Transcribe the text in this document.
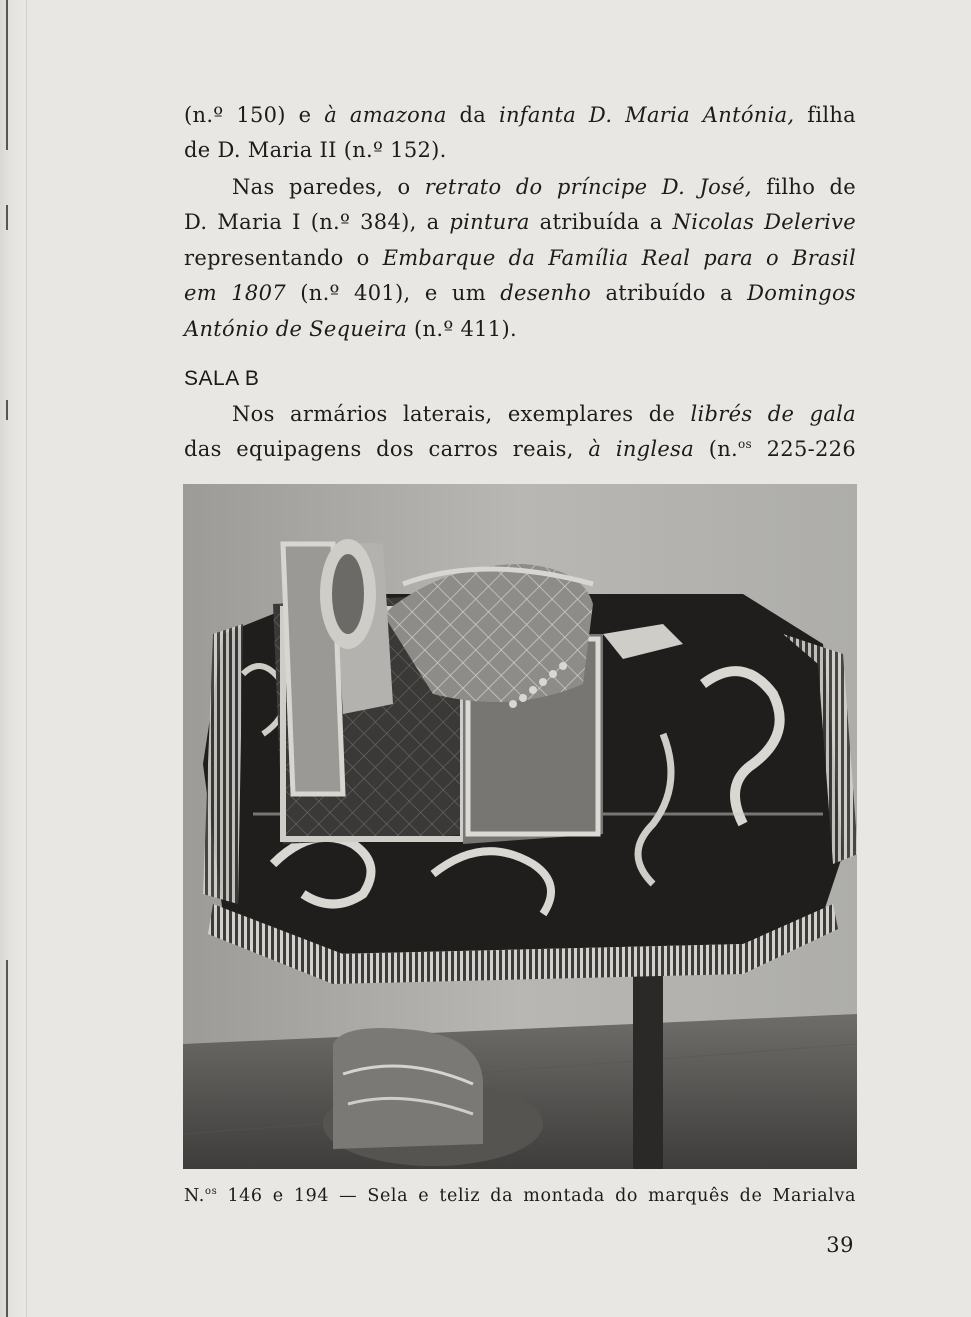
(n.º 150) e à amazona da infanta D. Maria Antónia, filha

de D. Maria II (n.º 152).

Nas paredes, o retrato do príncipe D. José, filho de

D. Maria I (n.º 384), a pintura atribuída a Nicolas Delerive

representando o Embarque da Família Real para o Brasil

em 1807 (n.º 401), e um desenho atribuído a Domingos

António de Sequeira (n.º 411).

SALA B

Nos armários laterais, exemplares de librés de gala

das equipagens dos carros reais, à inglesa (n.$^{os}$ 225-226

N.$^{os}$ 146 e 194 — Sela e teliz da montada do marquês de Marialva
39
